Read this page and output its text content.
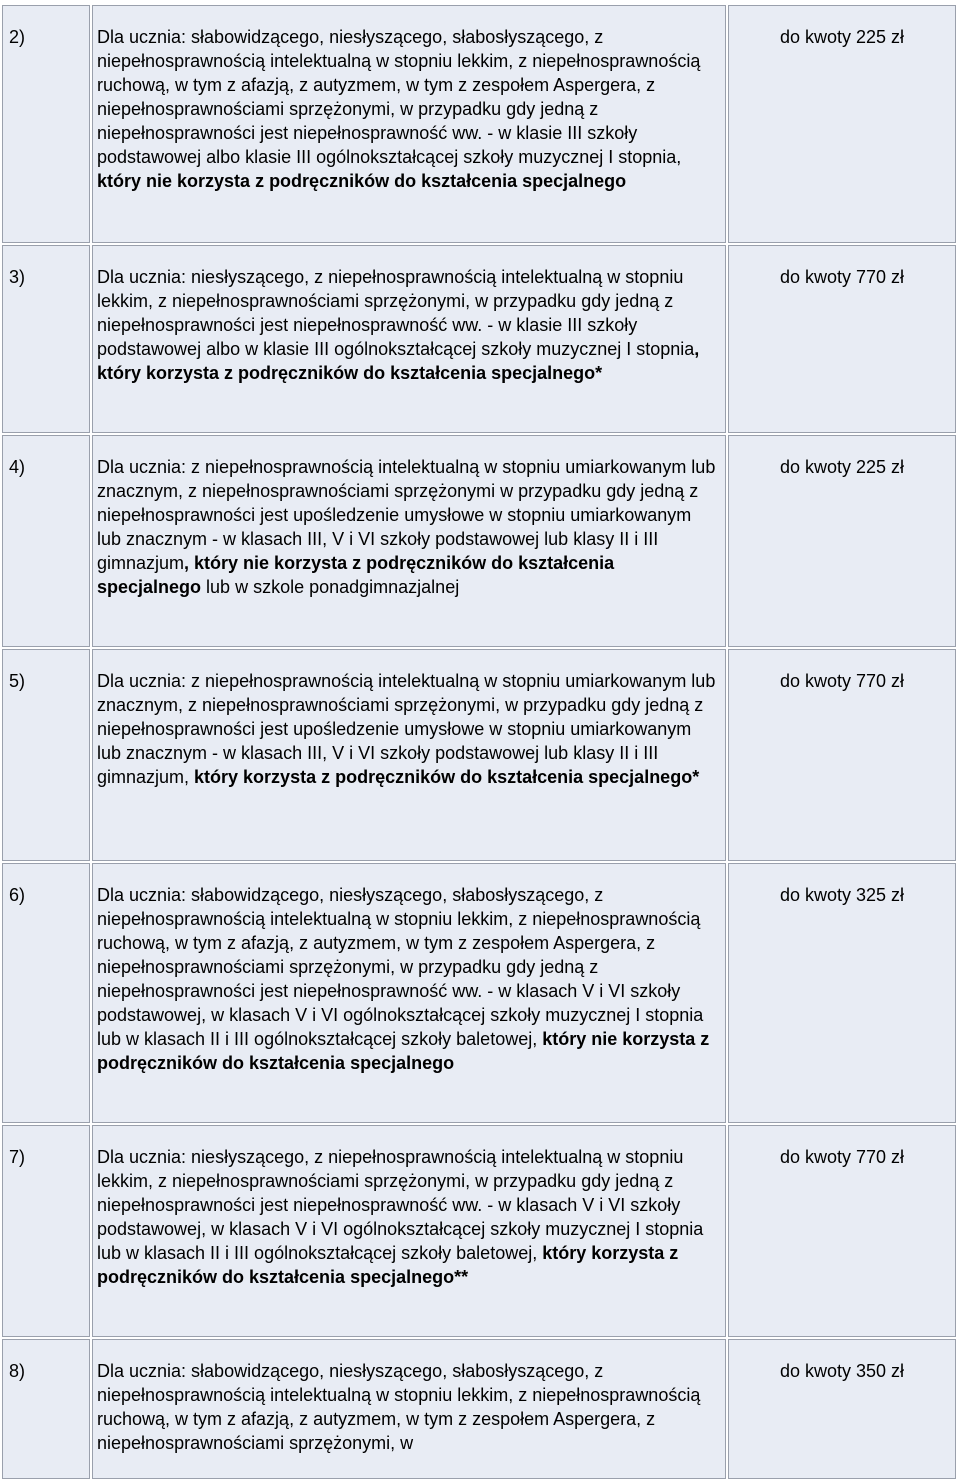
2)	Dla ucznia: słabowidzącego, niesłyszącego, słabosłyszącego, z niepełnosprawnością intelektualną w stopniu lekkim, z niepełnosprawnością ruchową, w tym z afazją, z autyzmem, w tym z zespołem Aspergera, z niepełnosprawnościami sprzężonymi, w przypadku gdy jedną z niepełnosprawności jest niepełnosprawność ww. - w klasie III szkoły podstawowej albo klasie III ogólnokształcącej szkoły muzycznej I stopnia, który nie korzysta z podręczników do kształcenia specjalnego	do kwoty 225 zł
3)	Dla ucznia: niesłyszącego, z niepełnosprawnością intelektualną w stopniu lekkim, z niepełnosprawnościami sprzężonymi, w przypadku gdy jedną z niepełnosprawności jest niepełnosprawność ww. - w klasie III szkoły podstawowej albo w klasie III ogólnokształcącej szkoły muzycznej I stopnia, który korzysta z podręczników do kształcenia specjalnego*	do kwoty 770 zł
4)	Dla ucznia: z niepełnosprawnością intelektualną w stopniu umiarkowanym lub znacznym, z niepełnosprawnościami sprzężonymi w przypadku gdy jedną z niepełnosprawności jest upośledzenie umysłowe w stopniu umiarkowanym lub znacznym - w klasach III, V i VI szkoły podstawowej lub klasy II i III gimnazjum, który nie korzysta z podręczników do kształcenia specjalnego lub w szkole ponadgimnazjalnej	do kwoty 225 zł
5)	Dla ucznia: z niepełnosprawnością intelektualną w stopniu umiarkowanym lub znacznym, z niepełnosprawnościami sprzężonymi, w przypadku gdy jedną z niepełnosprawności jest upośledzenie umysłowe w stopniu umiarkowanym lub znacznym - w klasach III, V i VI szkoły podstawowej lub klasy II i III gimnazjum, który korzysta z podręczników do kształcenia specjalnego*	do kwoty 770 zł
6)	Dla ucznia: słabowidzącego, niesłyszącego, słabosłyszącego, z niepełnosprawnością intelektualną w stopniu lekkim, z niepełnosprawnością ruchową, w tym z afazją, z autyzmem, w tym z zespołem Aspergera, z niepełnosprawnościami sprzężonymi, w przypadku gdy jedną z niepełnosprawności jest niepełnosprawność ww. - w klasach V i VI szkoły podstawowej, w klasach V i VI ogólnokształcącej szkoły muzycznej I stopnia lub w klasach II i III ogólnokształcącej szkoły baletowej, który nie korzysta z podręczników do kształcenia specjalnego	do kwoty 325 zł
7)	Dla ucznia: niesłyszącego, z niepełnosprawnością intelektualną w stopniu lekkim, z niepełnosprawnościami sprzężonymi, w przypadku gdy jedną z niepełnosprawności jest niepełnosprawność ww. - w klasach V i VI szkoły podstawowej, w klasach V i VI ogólnokształcącej szkoły muzycznej I stopnia lub w klasach II i III ogólnokształcącej szkoły baletowej, który korzysta z podręczników do kształcenia specjalnego**	do kwoty 770 zł
8)	Dla ucznia: słabowidzącego, niesłyszącego, słabosłyszącego, z niepełnosprawnością intelektualną w stopniu lekkim, z niepełnosprawnością ruchową, w tym z afazją, z autyzmem, w tym z zespołem Aspergera, z niepełnosprawnościami sprzężonymi, w	do kwoty 350 zł
